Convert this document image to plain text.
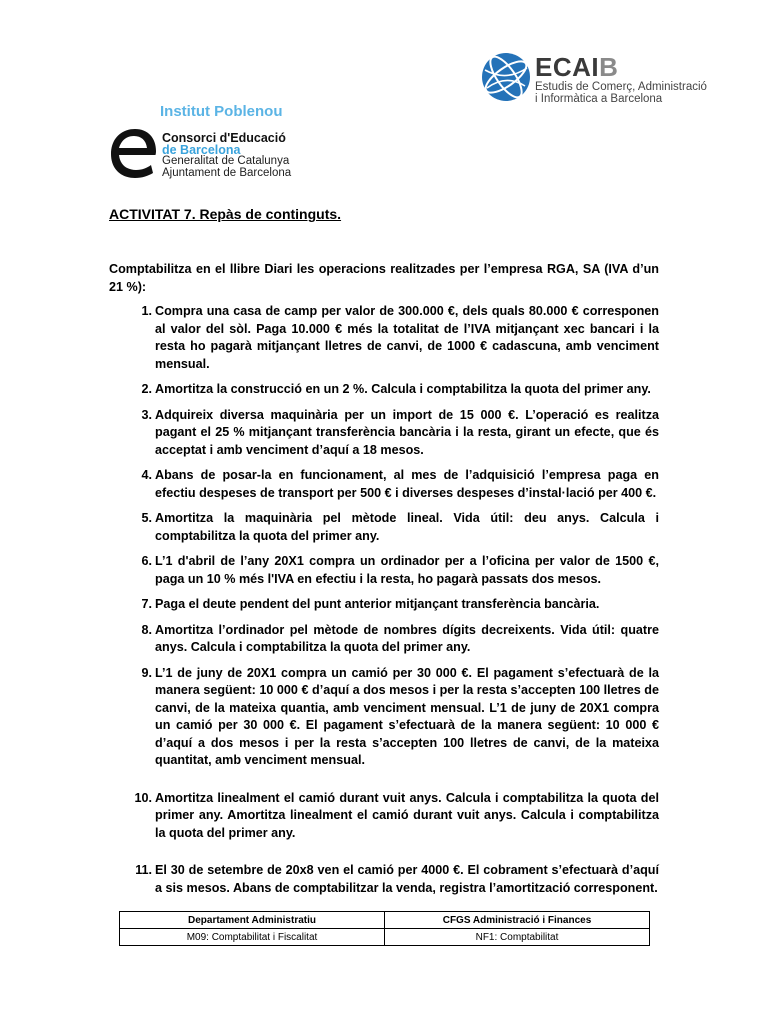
ECAIB
Estudis de Comerç, Administració
i Informàtica a Barcelona
Institut Poblenou
Consorci d'Educació
de Barcelona
Generalitat de Catalunya
Ajuntament de Barcelona
ACTIVITAT 7. Repàs de continguts.

Comptabilitza en el llibre Diari les operacions realitzades per l’empresa RGA, SA (IVA d’un 21 %):

1. Compra una casa de camp per valor de 300.000 €, dels quals 80.000 € corresponen al valor del sòl. Paga 10.000 € més la totalitat de l’IVA mitjançant xec bancari i la resta ho pagarà mitjançant lletres de canvi, de 1000 € cadascuna, amb venciment mensual.
2. Amortitza la construcció en un 2 %. Calcula i comptabilitza la quota del primer any.
3. Adquireix diversa maquinària per un import de 15 000 €. L’operació es realitza pagant el 25 % mitjançant transferència bancària i la resta, girant un efecte, que és acceptat i amb venciment d’aquí a 18 mesos.
4. Abans de posar-la en funcionament, al mes de l’adquisició l’empresa paga en efectiu despeses de transport per 500 € i diverses despeses d’instal·lació per 400 €.
5. Amortitza la maquinària pel mètode lineal. Vida útil: deu anys. Calcula i comptabilitza la quota del primer any.
6. L’1 d'abril de l’any 20X1 compra un ordinador per a l’oficina per valor de 1500 €, paga un 10 % més l'IVA en efectiu i la resta, ho pagarà passats dos mesos.
7. Paga el deute pendent del punt anterior mitjançant transferència bancària.
8. Amortitza l’ordinador pel mètode de nombres dígits decreixents. Vida útil: quatre anys. Calcula i comptabilitza la quota del primer any.
9. L’1 de juny de 20X1 compra un camió per 30 000 €. El pagament s’efectuarà de la manera següent: 10 000 € d’aquí a dos mesos i per la resta s’accepten 100 lletres de canvi, de la mateixa quantia, amb venciment mensual. L’1 de juny de 20X1 compra un camió per 30 000 €. El pagament s’efectuarà de la manera següent: 10 000 € d’aquí a dos mesos i per la resta s’accepten 100 lletres de canvi, de la mateixa quantitat, amb venciment mensual.
10. Amortitza linealment el camió durant vuit anys. Calcula i comptabilitza la quota del primer any. Amortitza linealment el camió durant vuit anys. Calcula i comptabilitza la quota del primer any.
11. El 30 de setembre de 20x8 ven el camió per 4000 €. El cobrament s’efectuarà d’aquí a sis mesos. Abans de comptabilitzar la venda, registra l’amortització corresponent.
Departament Administratiu	CFGS Administració i Finances
M09: Comptabilitat i Fiscalitat	NF1: Comptabilitat
